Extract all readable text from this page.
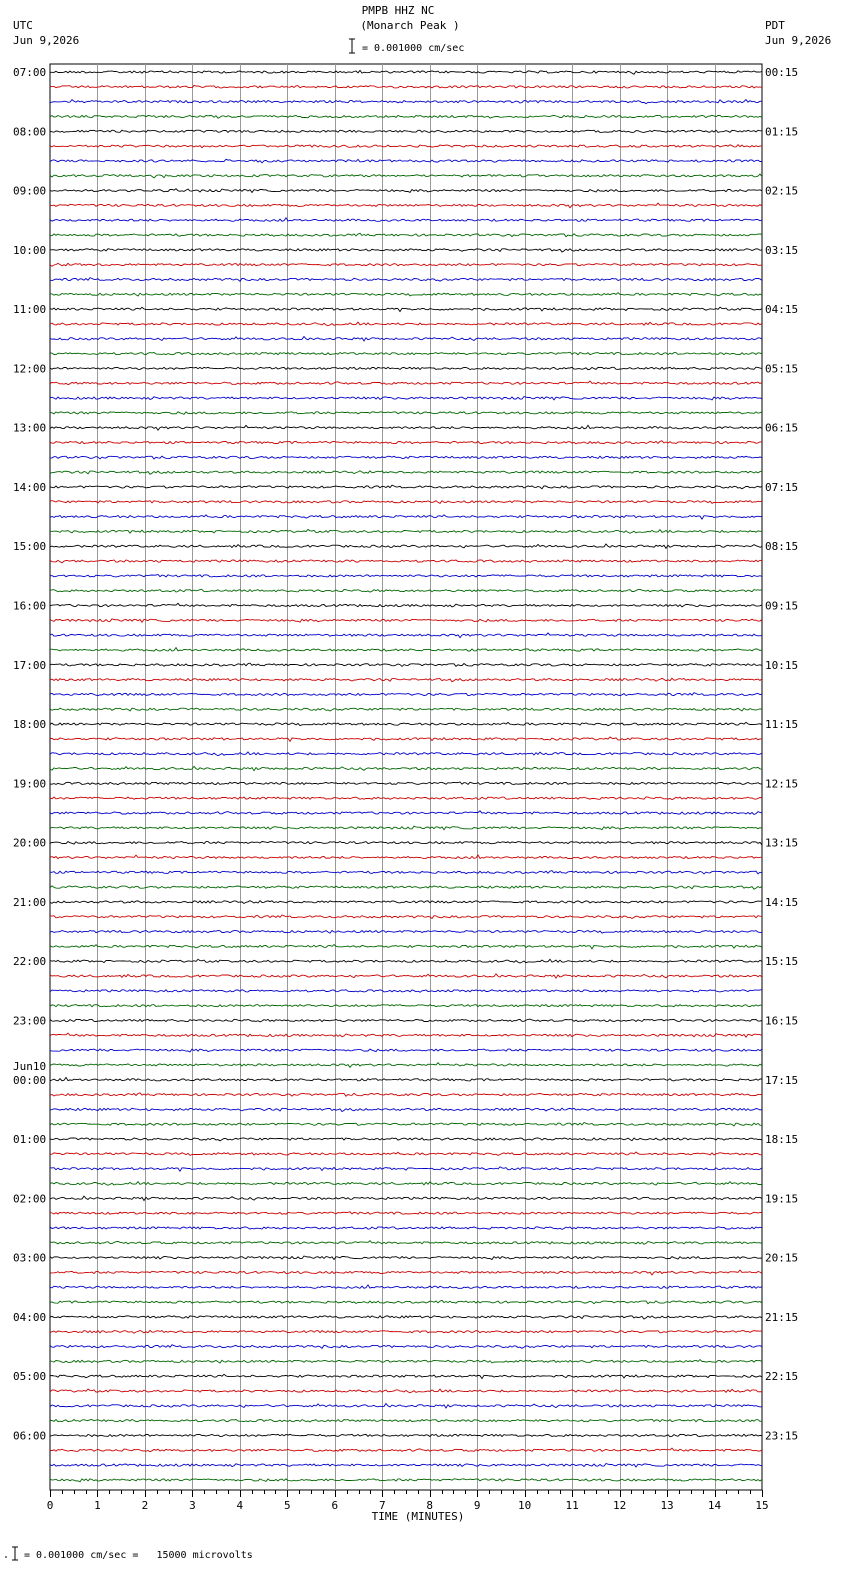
UTC
Jun 9,2026
PMPB HHZ NC
(Monarch Peak )	PDT
Jun 9,2026
= 0.001000 cm/sec
07:00
08:00
09:00
10:00
11:00
12:00
13:00
14:00
15:00
16:00
17:00
18:00
19:00
20:00
21:00
22:00
23:00
00:00
Jun10
01:00
02:00
03:00
04:00
05:00
06:00
00:15
01:15
02:15
03:15
04:15
05:15
06:15
07:15
08:15
09:15
10:15
11:15
12:15
13:15
14:15
15:15
16:15
17:15
18:15
19:15
20:15
21:15
22:15
23:15
0	1	2	3	4	5	6	7	8	9	10	11	12	13	14	15
TIME (MINUTES)
= 0.001000 cm/sec =   15000 microvolts
